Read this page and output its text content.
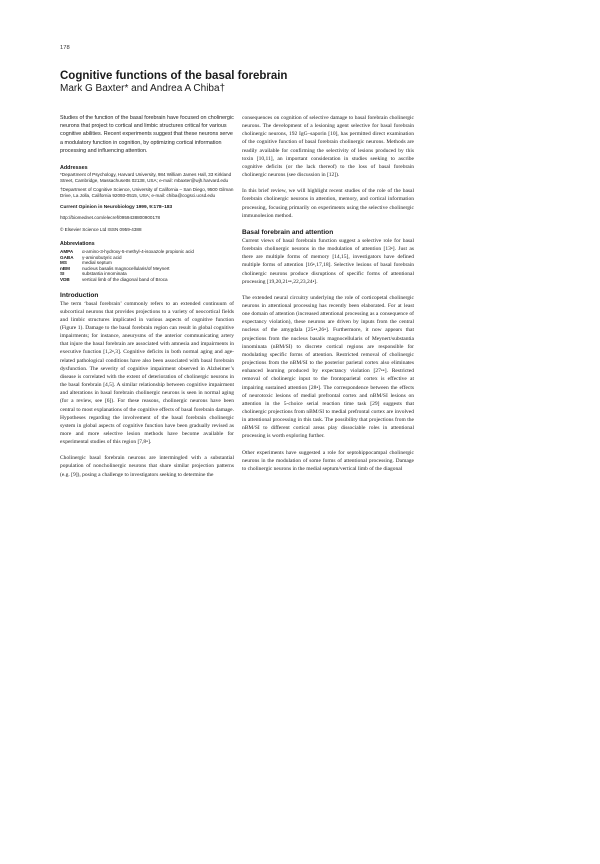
178
Cognitive functions of the basal forebrain

Mark G Baxter* and Andrea A Chiba†

Studies of the function of the basal forebrain have focused on cholinergic neurons that project to cortical and limbic structures critical for various cognitive abilities. Recent experiments suggest that these neurons serve a modulatory function in cognition, by optimizing cortical information processing and influencing attention.

Addresses

*Department of Psychology, Harvard University, 984 William James Hall, 33 Kirkland Street, Cambridge, Massachusetts 02138, USA; e-mail: mbaxter@wjh.harvard.edu

†Department of Cognitive Science, University of California – San Diego, 9500 Gilman Drive, La Jolla, California 92093-0515, USA; e-mail: chiba@cogsci.ucsd.edu

Current Opinion in Neurobiology 1999, 9:178–183

http://biomednet.com/elecref/0959438800900178

© Elsevier Science Ltd ISSN 0959-4388

Abbreviations

AMPA	α-amino-3-hydroxy-5-methyl-4-isoxazole propionic acid
GABA	γ-aminobutyric acid
MS	medial septum
nBM	nucleus basalis magnocellularis/of Meynert
SI	substantia innominata
VDB	vertical limb of the diagonal band of Broca

Introduction

The term ‘basal forebrain’ commonly refers to an extended continuum of subcortical neurons that provides projections to a variety of neocortical fields and limbic structures implicated in various aspects of cognitive function (Figure 1). Damage to the basal forebrain region can result in global cognitive impairments; for instance, aneurysms of the anterior communicating artery that injure the basal forebrain are associated with amnesia and impairments in executive function [1,2•,3]. Cognitive deficits in both normal aging and age-related pathological conditions have also been associated with basal forebrain dysfunction. The severity of cognitive impairment observed in Alzheimer’s disease is correlated with the extent of deterioration of cholinergic neurons in the basal forebrain [4,5]. A similar relationship between cognitive impairment and alterations in basal forebrain cholinergic neurons is seen in normal aging (for a review, see [6]). For these reasons, cholinergic neurons have been central to most explanations of the cognitive effects of basal forebrain damage. Hypotheses regarding the involvement of the basal forebrain cholinergic system in global aspects of cognitive function have been gradually revised as more and more selective lesion methods have become available for experimental studies of this region [7,8•].

Cholinergic basal forebrain neurons are intermingled with a substantial population of noncholinergic neurons that share similar projection patterns (e.g. [9]), posing a challenge to investigators seeking to determine the

consequences on cognition of selective damage to basal forebrain cholinergic neurons. The development of a lesioning agent selective for basal forebrain cholinergic neurons, 192 IgG–saporin [10], has permitted direct examination of the cognitive function of basal forebrain cholinergic neurons. Methods are readily available for confirming the selectivity of lesions produced by this toxin [10,11], an important consideration in studies seeking to ascribe cognitive deficits (or the lack thereof) to the loss of basal forebrain cholinergic neurons (see discussion in [12]).

In this brief review, we will highlight recent studies of the role of the basal forebrain cholinergic neurons in attention, memory, and cortical information processing, focusing primarily on experiments using the selective cholinergic immunolesion method.

Basal forebrain and attention

Current views of basal forebrain function suggest a selective role for basal forebrain cholinergic neurons in the modulation of attention [13•]. Just as there are multiple forms of memory [14,15], investigators have defined multiple forms of attention [16•,17,18]. Selective lesions of basal forebrain cholinergic neurons produce disruptions of specific forms of attentional processing [19,20,21••,22,23,24•].

The extended neural circuitry underlying the role of corticopetal cholinergic neurons in attentional processing has recently been elaborated. For at least one domain of attention (increased attentional processing as a consequence of expectancy violation), these neurons are driven by inputs from the central nucleus of the amygdala [25••,26•]. Furthermore, it now appears that projections from the nucleus basalis magnocellularis of Meynert/substantia innominata (nBM/SI) to discrete cortical regions are responsible for modulating specific forms of attention. Restricted removal of cholinergic projections from the nBM/SI to the posterior parietal cortex also eliminates enhanced learning produced by expectancy violation [27••]. Restricted removal of cholinergic input to the frontoparietal cortex is effective at impairing sustained attention [28•]. The correspondence between the effects of neurotoxic lesions of medial prefrontal cortex and nBM/SI lesions on attention in the 5-choice serial reaction time task [29] suggests that cholinergic projections from nBM/SI to medial prefrontal cortex are involved in attentional processing in this task. The possibility that projections from the nBM/SI to different cortical areas play dissociable roles in attentional processing is worth exploring further.

Other experiments have suggested a role for septohippocampal cholinergic neurons in the modulation of some forms of attentional processing. Damage to cholinergic neurons in the medial septum/vertical limb of the diagonal
